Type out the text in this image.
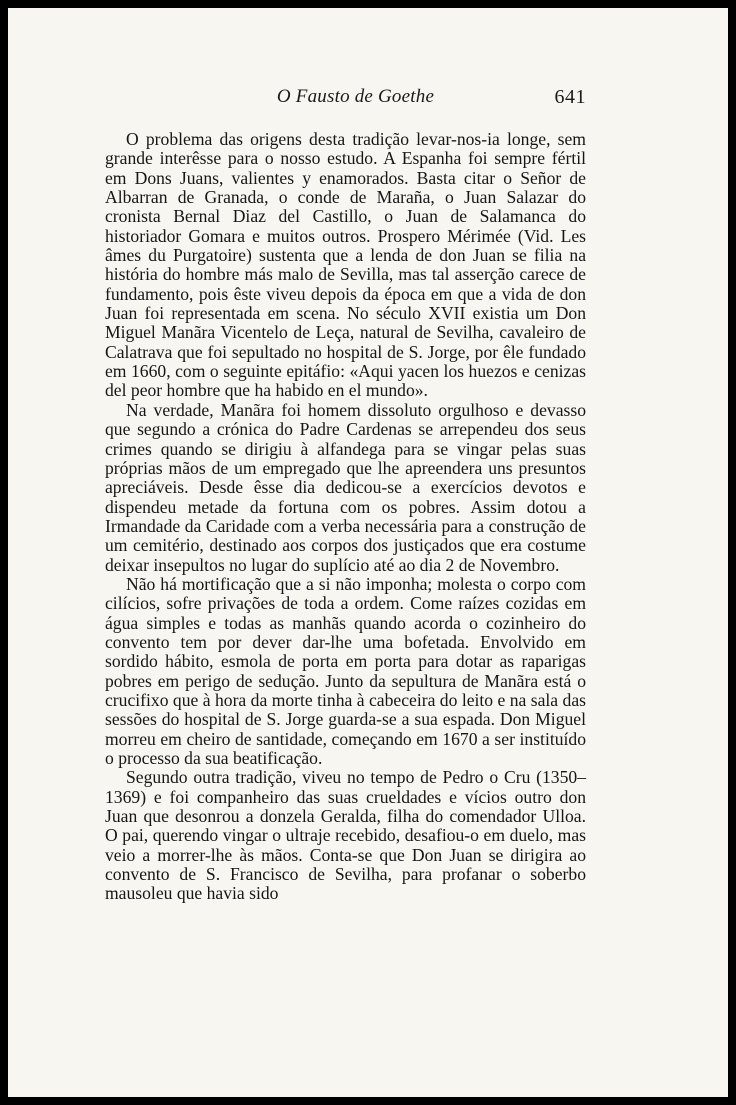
O Fausto de Goethe	641

O problema das origens desta tradição levar-nos-ia longe, sem grande interêsse para o nosso estudo. A Espanha foi sempre fértil em Dons Juans, valientes y enamorados. Basta citar o Señor de Albarran de Granada, o conde de Maraña, o Juan Salazar do cronista Bernal Diaz del Castillo, o Juan de Salamanca do historiador Gomara e muitos outros. Prospero Mérimée (Vid. Les âmes du Purgatoire) sustenta que a lenda de don Juan se filia na história do hombre más malo de Sevilla, mas tal asserção carece de fundamento, pois êste viveu depois da época em que a vida de don Juan foi representada em scena. No século XVII existia um Don Miguel Manãra Vicentelo de Leça, natural de Sevilha, cavaleiro de Calatrava que foi sepultado no hospital de S. Jorge, por êle fundado em 1660, com o seguinte epitáfio: «Aqui yacen los huezos e cenizas del peor hombre que ha habido en el mundo».

Na verdade, Manãra foi homem dissoluto orgulhoso e devasso que segundo a crónica do Padre Cardenas se arrependeu dos seus crimes quando se dirigiu à alfandega para se vingar pelas suas próprias mãos de um empregado que lhe apreendera uns presuntos apreciáveis. Desde êsse dia dedicou-se a exercícios devotos e dispendeu metade da fortuna com os pobres. Assim dotou a Irmandade da Caridade com a verba necessária para a construção de um cemitério, destinado aos corpos dos justiçados que era costume deixar insepultos no lugar do suplício até ao dia 2 de Novembro.

Não há mortificação que a si não imponha; molesta o corpo com cilícios, sofre privações de toda a ordem. Come raízes cozidas em água simples e todas as manhãs quando acorda o cozinheiro do convento tem por dever dar-lhe uma bofetada. Envolvido em sordido hábito, esmola de porta em porta para dotar as raparigas pobres em perigo de sedução. Junto da sepultura de Manãra está o crucifixo que à hora da morte tinha à cabeceira do leito e na sala das sessões do hospital de S. Jorge guarda-se a sua espada. Don Miguel morreu em cheiro de santidade, começando em 1670 a ser instituído o processo da sua beatificação.

Segundo outra tradição, viveu no tempo de Pedro o Cru (1350–1369) e foi companheiro das suas crueldades e vícios outro don Juan que desonrou a donzela Geralda, filha do comendador Ulloa. O pai, querendo vingar o ultraje recebido, desafiou-o em duelo, mas veio a morrer-lhe às mãos. Conta-se que Don Juan se dirigira ao convento de S. Francisco de Sevilha, para profanar o soberbo mausoleu que havia sido
